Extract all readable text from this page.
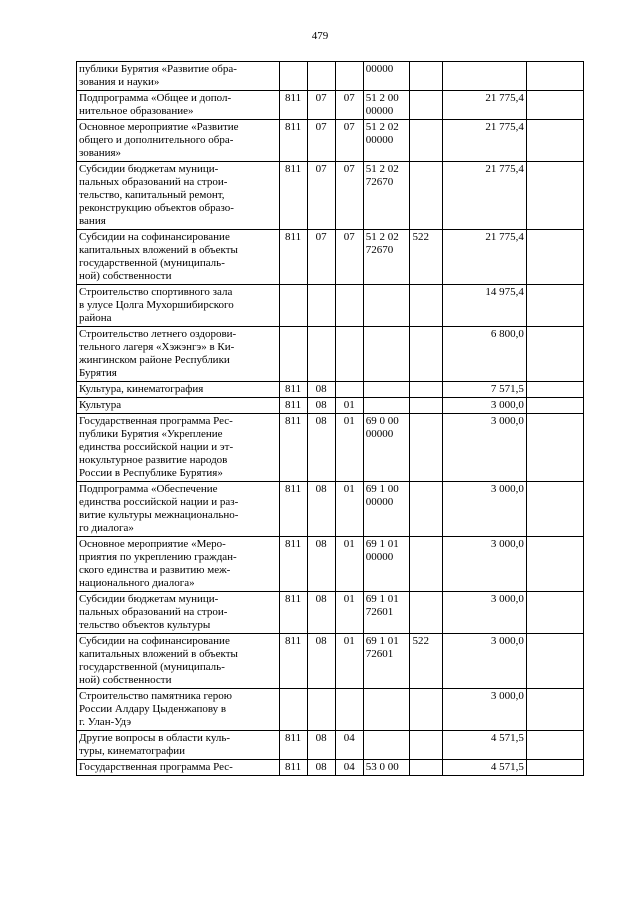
479
публики Бурятия «Развитие обра-
зования и науки»				00000			

Подпрограмма «Общее и допол-
нительное образование»	811	07	07	51 2 00
00000		21 775,4	

Основное мероприятие «Развитие
общего и дополнительного обра-
зования»	811	07	07	51 2 02
00000		21 775,4	

Субсидии бюджетам муници-
пальных образований на строи-
тельство, капитальный ремонт,
реконструкцию объектов образо-
вания	811	07	07	51 2 02
72670		21 775,4	

Субсидии на софинансирование
капитальных вложений в объекты
государственной (муниципаль-
ной) собственности	811	07	07	51 2 02
72670	522	21 775,4	

Строительство спортивного зала
в улусе Цолга Мухоршибирского
района						14 975,4	

Строительство летнего оздорови-
тельного лагеря «Хэжэнгэ» в Ки-
жингинском районе Республики
Бурятия						6 800,0	

Культура, кинематография	811	08				7 571,5	

Культура	811	08	01			3 000,0	

Государственная программа Рес-
публики Бурятия «Укрепление
единства российской нации и эт-
нокультурное развитие народов
России в Республике Бурятия»	811	08	01	69 0 00
00000		3 000,0	

Подпрограмма «Обеспечение
единства российской нации и раз-
витие культуры межнационально-
го диалога»	811	08	01	69 1 00
00000		3 000,0	

Основное мероприятие «Меро-
приятия по укреплению граждан-
ского единства и развитию меж-
национального диалога»	811	08	01	69 1 01
00000		3 000,0	

Субсидии бюджетам муници-
пальных образований на строи-
тельство объектов культуры	811	08	01	69 1 01
72601		3 000,0	

Субсидии на софинансирование
капитальных вложений в объекты
государственной (муниципаль-
ной) собственности	811	08	01	69 1 01
72601	522	3 000,0	

Строительство памятника герою
России Алдару Цыденжапову в
г. Улан-Удэ						3 000,0	

Другие вопросы в области куль-
туры, кинематографии	811	08	04			4 571,5	

Государственная программа Рес-	811	08	04	53 0 00		4 571,5	
